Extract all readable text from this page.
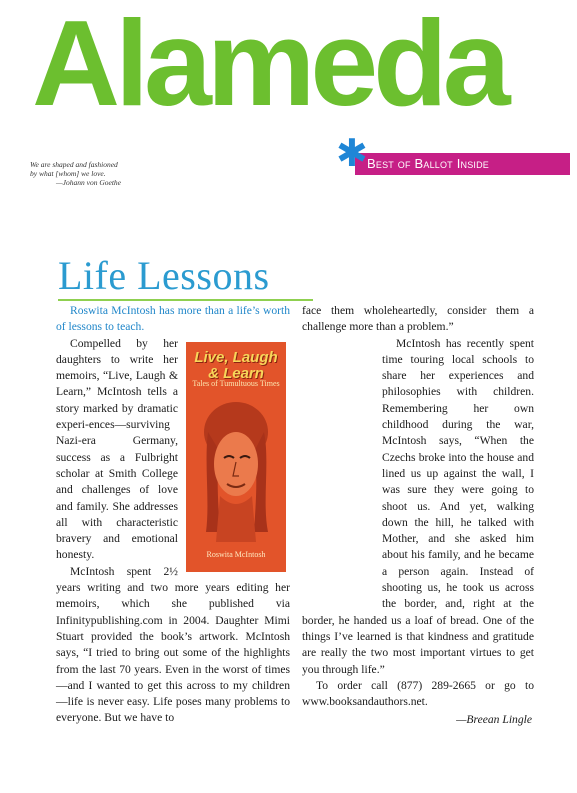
Alameda
We are shaped and fashioned
by what [whom] we love.
—Johann von Goethe
Best of Ballot Inside
✱
Life Lessons

Roswita McIntosh has more than a life’s worth of lessons to teach.

Live, Laugh & Learn
Tales of Tumultuous Times
Roswita McIntosh

Compelled by her daughters to write her memoirs, “Live, Laugh & Learn,” McIntosh tells a story marked by dramatic experi-ences—surviving Nazi-era Germany, success as a Fulbright scholar at Smith College and challenges of love and family. She addresses all with characteristic bravery and emotional honesty.

McIntosh spent 2½ years writing and two more years editing her memoirs, which she published via Infinitypublishing.com in 2004. Daughter Mimi Stuart provided the book’s artwork. McIntosh says, “I tried to bring out some of the highlights from the last 70 years. Even in the worst of times—and I wanted to get this across to my children—life is never easy. Life poses many problems to everyone. But we have to

face them wholeheartedly, consider them a challenge more than a problem.”

McIntosh has recently spent time touring local schools to share her experiences and philosophies with children. Remembering her own childhood during the war, McIntosh says, “When the Czechs broke into the house and lined us up against the wall, I was sure they were going to shoot us. And yet, walking down the hill, he talked with Mother, and she asked him about his family, and he became a person again. Instead of shooting us, he took us across the border, and, right at the border, he handed us a loaf of bread. One of the things I’ve learned is that kindness and gratitude are really the two most important virtues to get you through life.”

To order call (877) 289-2665 or go to www.booksandauthors.net.

—Breean Lingle
